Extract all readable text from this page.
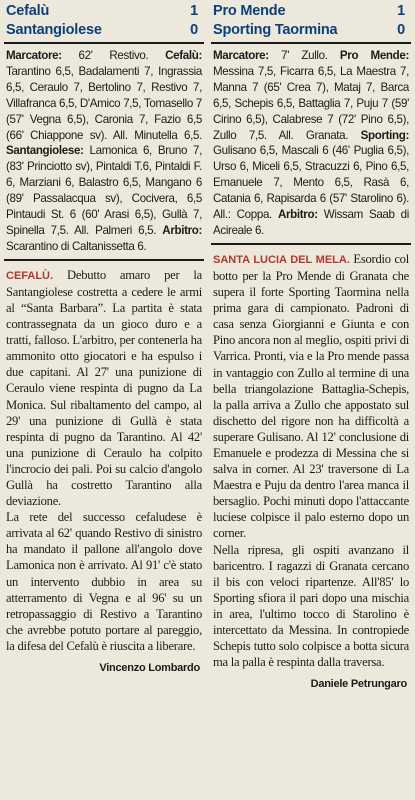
Cefalù	1
Santangiolese	0

Marcatore: 62' Restivo. Cefalù: Tarantino 6,5, Badalamenti 7, Ingrassia 6,5, Ceraulo 7, Bertolino 7, Restivo 7, Villafranca 6,5, D'Amico 7,5, Tomasello 7 (57' Vegna 6,5), Caronia 7, Fazio 6,5 (66' Chiappone sv). All. Minutella 6,5. Santangiolese: Lamonica 6, Bruno 7, (83' Princiotto sv), Pintaldi T.6, Pintaldi F. 6, Marziani 6, Balastro 6,5, Mangano 6 (89' Passalacqua sv), Cocivera, 6,5 Pintaudi St. 6 (60' Arasi 6,5), Gullà 7, Spinella 7,5. All. Palmeri 6,5. Arbitro: Scarantino di Caltanissetta 6.

CEFALÙ. Debutto amaro per la Santangiolese costretta a cedere le armi al “Santa Barbara”. La partita è stata contrassegnata da un gioco duro e a tratti, falloso. L'arbitro, per contenerla ha ammonito otto giocatori e ha espulso i due capitani. Al 27' una punizione di Ceraulo viene respinta di pugno da La Monica. Sul ribaltamento del campo, al 29' una punizione di Gullà è stata respinta di pugno da Tarantino. Al 42' una punizione di Ceraulo ha colpito l'incrocio dei pali. Poi su calcio d'angolo Gullà ha costretto Tarantino alla deviazione.

La rete del successo cefaludese è arrivata al 62' quando Restivo di sinistro ha mandato il pallone all'angolo dove Lamonica non è arrivato. Al 91' c'è stato un intervento dubbio in area su atterramento di Vegna e al 96' su un retropassaggio di Restivo a Tarantino che avrebbe potuto portare al pareggio, la difesa del Cefalù è riuscita a liberare.

Vincenzo Lombardo
Pro Mende	1
Sporting Taormina	0

Marcatore: 7' Zullo. Pro Mende: Messina 7,5, Ficarra 6,5, La Maestra 7, Manna 7 (65' Crea 7), Mataj 7, Barca 6,5, Schepis 6,5, Battaglia 7, Puju 7 (59' Cirino 6,5), Calabrese 7 (72' Pino 6,5), Zullo 7,5. All. Granata. Sporting: Gulisano 6,5, Mascali 6 (46' Puglia 6,5), Urso 6, Miceli 6,5, Stracuzzi 6, Pino 6,5, Emanuele 7, Mento 6,5, Rasà 6, Catania 6, Rapisarda 6 (57' Starolino 6). All.: Coppa. Arbitro: Wissam Saab di Acireale 6.

SANTA LUCIA DEL MELA. Esordio col botto per la Pro Mende di Granata che supera il forte Sporting Taormina nella prima gara di campionato. Padroni di casa senza Giorgianni e Giunta e con Pino ancora non al meglio, ospiti privi di Varrica. Pronti, via e la Pro mende passa in vantaggio con Zullo al termine di una bella triangolazione Battaglia-Schepis, la palla arriva a Zullo che appostato sul dischetto del rigore non ha difficoltà a superare Gulisano. Al 12' conclusione di Emanuele e prodezza di Messina che si salva in corner. Al 23' traversone di La Maestra e Puju da dentro l'area manca il bersaglio. Pochi minuti dopo l'attaccante luciese colpisce il palo esterno dopo un corner.

Nella ripresa, gli ospiti avanzano il baricentro. I ragazzi di Granata cercano il bis con veloci ripartenze. All'85' lo Sporting sfiora il pari dopo una mischia in area, l'ultimo tocco di Starolino è intercettato da Messina. In contropiede Schepis tutto solo colpisce a botta sicura ma la palla è respinta dalla traversa.

Daniele Petrungaro
